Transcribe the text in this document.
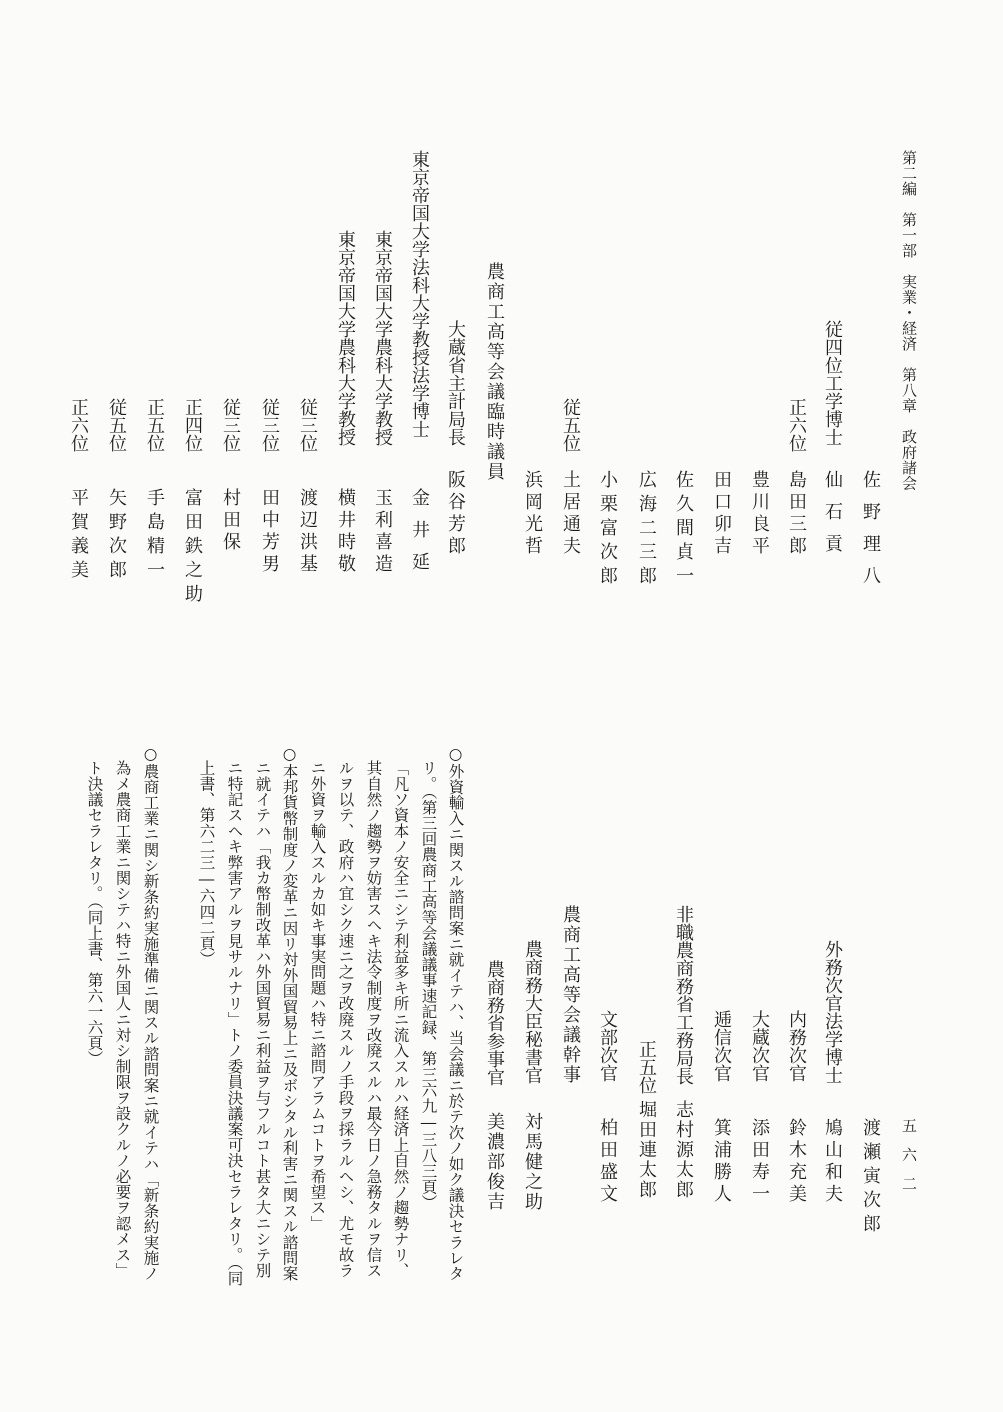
第二編　第一部　実業・経済　第八章　政府諸会
五六二
佐野理八
従四位工学博士
仙石貢
正六位
島田三郎
豊川良平
田口卯吉
佐久間貞一
広海二三郎
小栗富次郎
従五位
土居通夫
浜岡光哲
農商工高等会議臨時議員
大蔵省主計局長
阪谷芳郎
東京帝国大学法科大学教授法学博士
金井延
東京帝国大学農科大学教授
玉利喜造
東京帝国大学農科大学教授
横井時敬
従三位
渡辺洪基
従三位
田中芳男
従三位
村田保
正四位
富田鉄之助
正五位
手島精一
従五位
矢野次郎
正六位
平賀義美
渡瀬寅次郎
外務次官法学博士
鳩山和夫
内務次官
鈴木充美
大蔵次官
添田寿一
逓信次官
箕浦勝人
非職農商務省工務局長
志村源太郎
正五位
堀田連太郎
文部次官
柏田盛文
農商工高等会議幹事
農商務大臣秘書官
対馬健之助
農商務省参事官
美濃部俊吉
○外資輸入ニ関スル諮問案ニ就イテハ、当会議ニ於テ次ノ如ク議決セラレタ
リ。（第三回農商工高等会議議事速記録、第三六九―三八三頁）
「凡ソ資本ノ安全ニシテ利益多キ所ニ流入スルハ経済上自然ノ趨勢ナリ、
其自然ノ趨勢ヲ妨害スヘキ法令制度ヲ改廃スルハ最今日ノ急務タルヲ信ス
ルヲ以テ、政府ハ宜シク速ニ之ヲ改廃スルノ手段ヲ採ラルヘシ、尤モ故ラ
ニ外資ヲ輸入スルカ如キ事実問題ハ特ニ諮問アラムコトヲ希望ス」
○本邦貨幣制度ノ変革ニ因リ対外国貿易上ニ及ボシタル利害ニ関スル諮問案
ニ就イテハ「我カ幣制改革ハ外国貿易ニ利益ヲ与フルコト甚タ大ニシテ別
ニ特記スヘキ弊害アルヲ見サルナリ」トノ委員決議案可決セラレタリ。（同
上書、第六二三―六四二頁）
○農商工業ニ関シ新条約実施準備ニ関スル諮問案ニ就イテハ「新条約実施ノ
為メ農商工業ニ関シテハ特ニ外国人ニ対シ制限ヲ設クルノ必要ヲ認メス」
ト決議セラレタリ。（同上書、第六一六頁）
